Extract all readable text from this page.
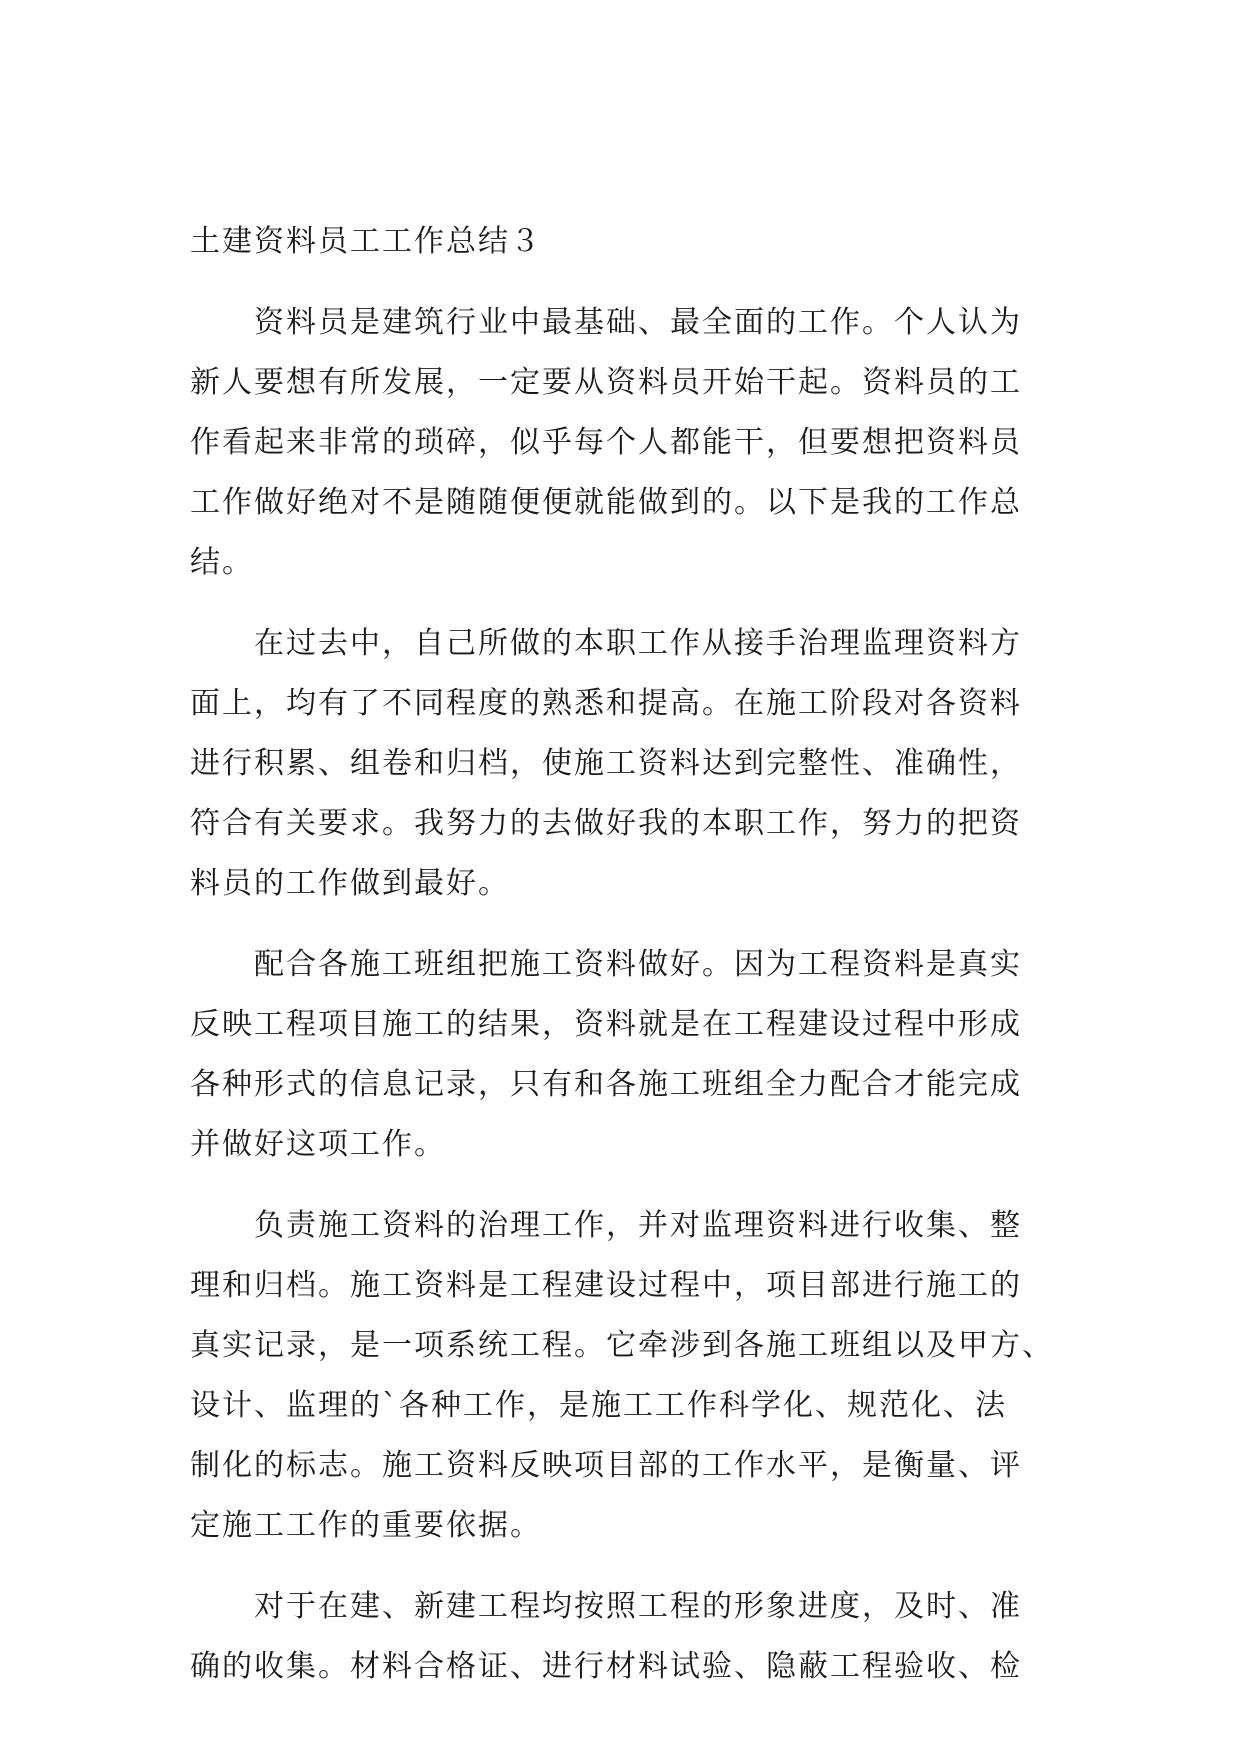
土建资料员工工作总结３

资料员是建筑行业中最基础、最全面的工作。个人认为
新人要想有所发展，一定要从资料员开始干起。资料员的工
作看起来非常的琐碎，似乎每个人都能干，但要想把资料员
工作做好绝对不是随随便便就能做到的。以下是我的工作总
结。

在过去中，自己所做的本职工作从接手治理监理资料方
面上，均有了不同程度的熟悉和提高。在施工阶段对各资料
进行积累、组卷和归档，使施工资料达到完整性、准确性，
符合有关要求。我努力的去做好我的本职工作，努力的把资
料员的工作做到最好。

配合各施工班组把施工资料做好。因为工程资料是真实
反映工程项目施工的结果，资料就是在工程建设过程中形成
各种形式的信息记录，只有和各施工班组全力配合才能完成
并做好这项工作。

负责施工资料的治理工作，并对监理资料进行收集、整
理和归档。施工资料是工程建设过程中，项目部进行施工的
真实记录，是一项系统工程。它牵涉到各施工班组以及甲方、
设计、监理的`各种工作，是施工工作科学化、规范化、法
制化的标志。施工资料反映项目部的工作水平，是衡量、评
定施工工作的重要依据。

对于在建、新建工程均按照工程的形象进度，及时、准
确的收集。材料合格证、进行材料试验、隐蔽工程验收、检
